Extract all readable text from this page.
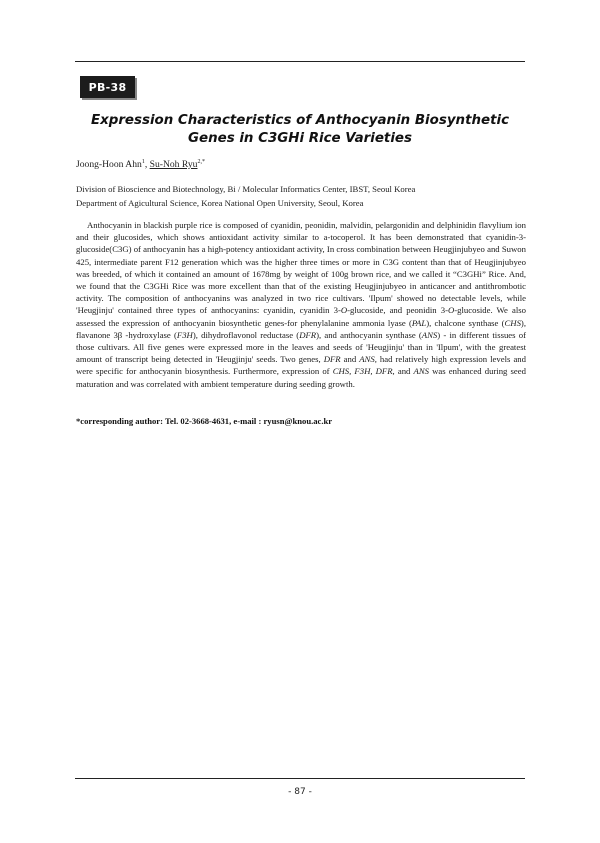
PB-38
Expression Characteristics of Anthocyanin Biosynthetic
Genes in C3GHi Rice Varieties
Joong-Hoon Ahn$^1$, Su-Noh Ryu$^{2,*}$
Division of Bioscience and Biotechnology, Bi / Molecular Informatics Center, IBST, Seoul Korea
Department of Agicultural Science, Korea National Open University, Seoul, Korea

Anthocyanin in blackish purple rice is composed of cyanidin, peonidin, malvidin, pelargonidin and delphinidin flavylium ion and their glucosides, which shows antioxidant activity similar to a-tocoperol. It has been demonstrated that cyanidin-3-glucoside(C3G) of anthocyanin has a high-potency antioxidant activity, In cross combination between Heugjinjubyeo and Suwon 425, intermediate parent F12 generation which was the higher three times or more in C3G content than that of Heugjinjubyeo was breeded, of which it contained an amount of 1678mg by weight of 100g brown rice, and we called it “C3GHi” Rice. And, we found that the C3GHi Rice was more excellent than that of the existing Heugjinjubyeo in anticancer and antithrombotic activity. The composition of anthocyanins was analyzed in two rice cultivars. 'Ilpum' showed no detectable levels, while 'Heugjinju' contained three types of anthocyanins: cyanidin, cyanidin 3-O-glucoside, and peonidin 3-O-glucoside. We also assessed the expression of anthocyanin biosynthetic genes-for phenylalanine ammonia lyase (PAL), chalcone synthase (CHS), flavanone 3β -hydroxylase (F3H), dihydroflavonol reductase (DFR), and anthocyanin synthase (ANS) - in different tissues of those cultivars. All five genes were expressed more in the leaves and seeds of 'Heugjinju' than in 'Ilpum', with the greatest amount of transcript being detected in 'Heugjinju' seeds. Two genes, DFR and ANS, had relatively high expression levels and were specific for anthocyanin biosynthesis. Furthermore, expression of CHS, F3H, DFR, and ANS was enhanced during seed maturation and was correlated with ambient temperature during seeding growth.

*corresponding author: Tel. 02-3668-4631, e-mail : ryusn@knou.ac.kr
- 87 -
